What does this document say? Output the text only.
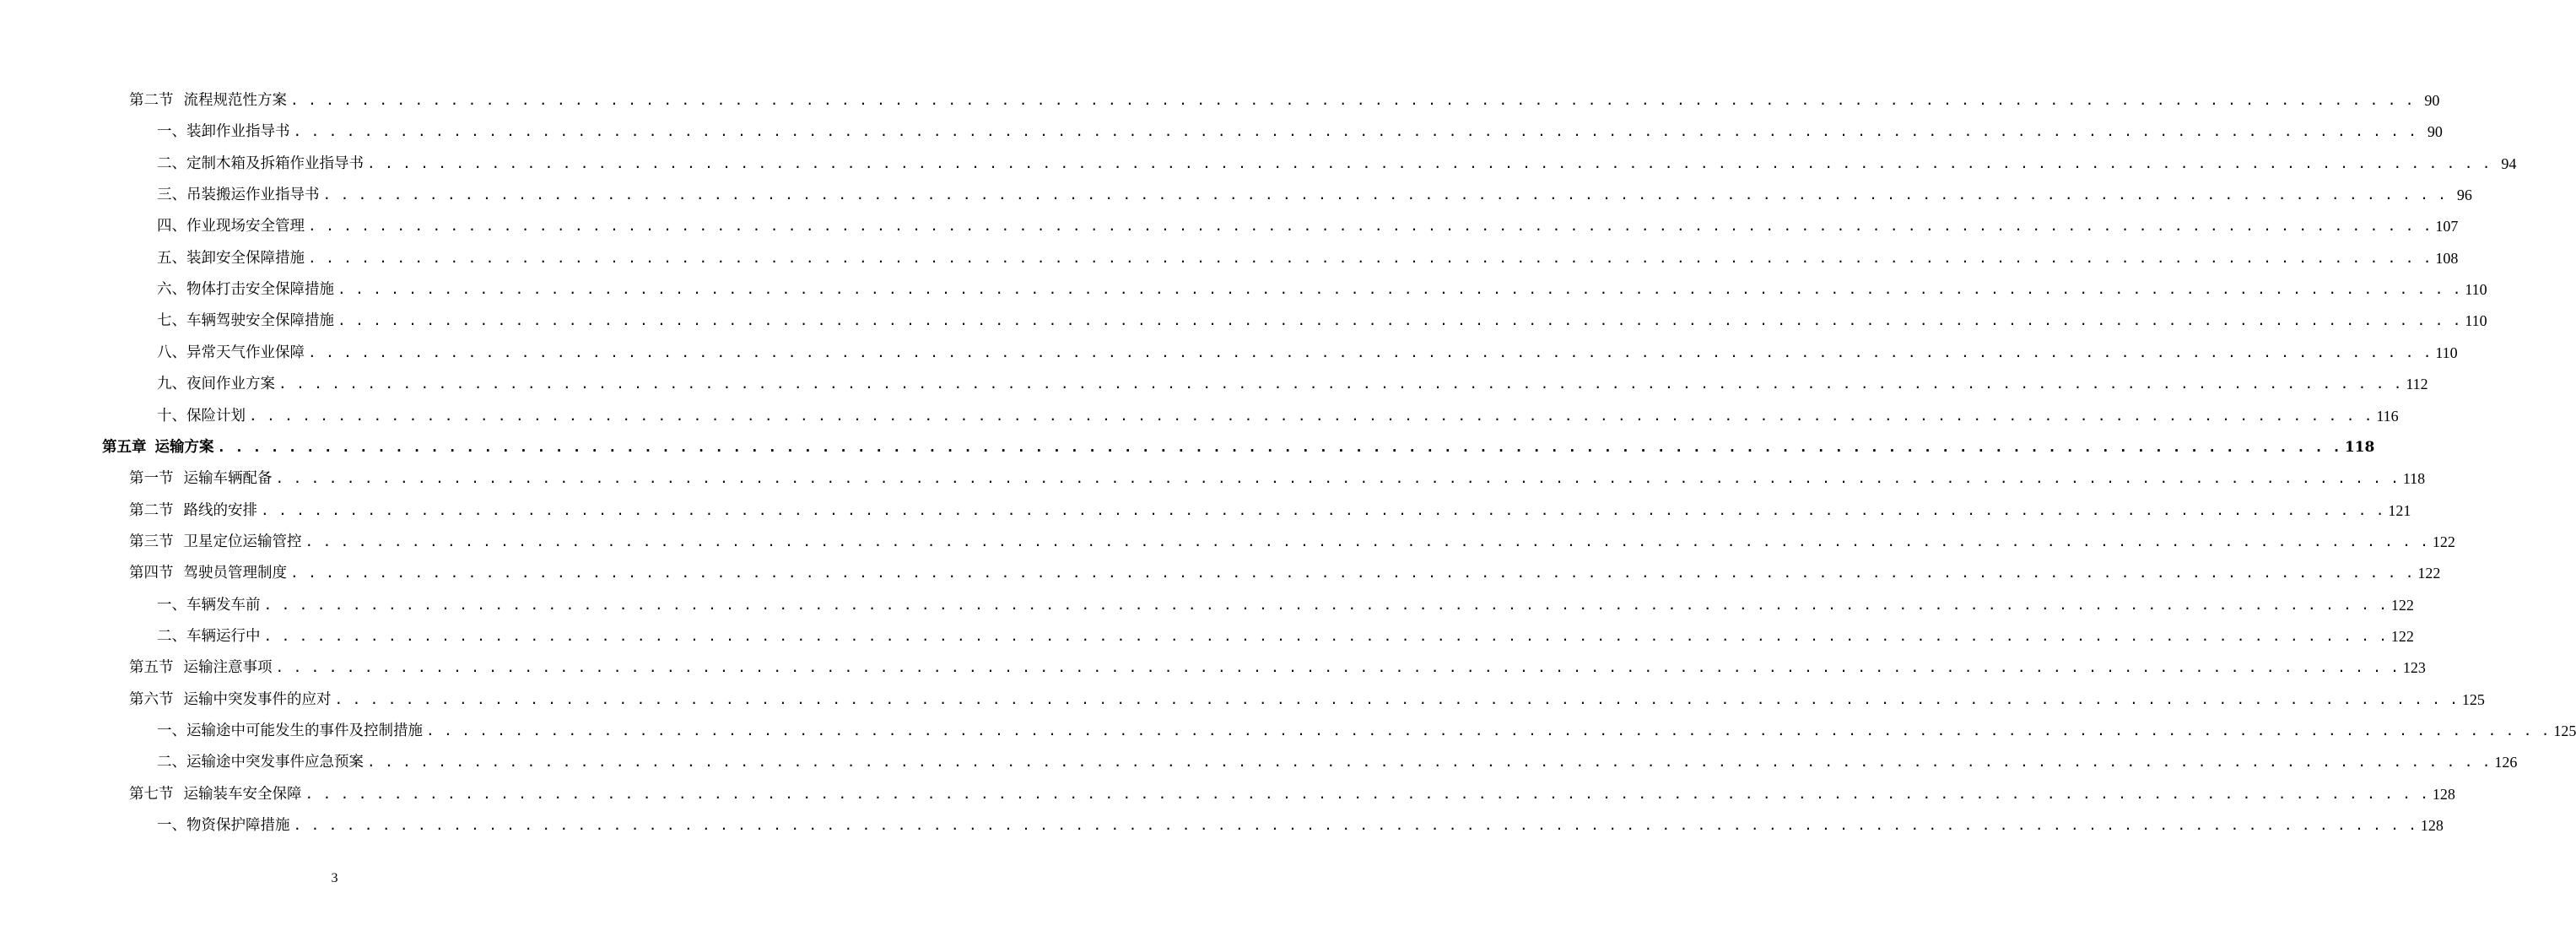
第二节 流程规范性方案 . . . . . . . . . . . . . . . . . . . . . . . . . . . . . . . . . . . . . . . . . . . . . . . . . . . . . . . . . . . . . . . . . . . . . . . . . . . . . . . . . . . . . . . . . . . . . . . . . . . . . . . . . . . . . . . . . . . . . . . . 90
一、装卸作业指导书 . . . . . . . . . . . . . . . . . . . . . . . . . . . . . . . . . . . . . . . . . . . . . . . . . . . . . . . . . . . . . . . . . . . . . . . . . . . . . . . . . . . . . . . . . . . . . . . . . . . . . . . . . . . . . . . . . . . . . . . . 90
二、定制木箱及拆箱作业指导书 . . . . . . . . . . . . . . . . . . . . . . . . . . . . . . . . . . . . . . . . . . . . . . . . . . . . . . . . . . . . . . . . . . . . . . . . . . . . . . . . . . . . . . . . . . . . . . . . . . . . . . . . . . . . . . . . . . . . . . . . 94
三、吊装搬运作业指导书 . . . . . . . . . . . . . . . . . . . . . . . . . . . . . . . . . . . . . . . . . . . . . . . . . . . . . . . . . . . . . . . . . . . . . . . . . . . . . . . . . . . . . . . . . . . . . . . . . . . . . . . . . . . . . . . . . . . . . . . . 96
四、作业现场安全管理 . . . . . . . . . . . . . . . . . . . . . . . . . . . . . . . . . . . . . . . . . . . . . . . . . . . . . . . . . . . . . . . . . . . . . . . . . . . . . . . . . . . . . . . . . . . . . . . . . . . . . . . . . . . . . . . . . . . . . . . . 107
五、装卸安全保障措施 . . . . . . . . . . . . . . . . . . . . . . . . . . . . . . . . . . . . . . . . . . . . . . . . . . . . . . . . . . . . . . . . . . . . . . . . . . . . . . . . . . . . . . . . . . . . . . . . . . . . . . . . . . . . . . . . . . . . . . . . 108
六、物体打击安全保障措施 . . . . . . . . . . . . . . . . . . . . . . . . . . . . . . . . . . . . . . . . . . . . . . . . . . . . . . . . . . . . . . . . . . . . . . . . . . . . . . . . . . . . . . . . . . . . . . . . . . . . . . . . . . . . . . . . . . . . . . . . 110
七、车辆驾驶安全保障措施 . . . . . . . . . . . . . . . . . . . . . . . . . . . . . . . . . . . . . . . . . . . . . . . . . . . . . . . . . . . . . . . . . . . . . . . . . . . . . . . . . . . . . . . . . . . . . . . . . . . . . . . . . . . . . . . . . . . . . . . . 110
八、异常天气作业保障 . . . . . . . . . . . . . . . . . . . . . . . . . . . . . . . . . . . . . . . . . . . . . . . . . . . . . . . . . . . . . . . . . . . . . . . . . . . . . . . . . . . . . . . . . . . . . . . . . . . . . . . . . . . . . . . . . . . . . . . . 110
九、夜间作业方案 . . . . . . . . . . . . . . . . . . . . . . . . . . . . . . . . . . . . . . . . . . . . . . . . . . . . . . . . . . . . . . . . . . . . . . . . . . . . . . . . . . . . . . . . . . . . . . . . . . . . . . . . . . . . . . . . . . . . . . . . 112
十、保险计划 . . . . . . . . . . . . . . . . . . . . . . . . . . . . . . . . . . . . . . . . . . . . . . . . . . . . . . . . . . . . . . . . . . . . . . . . . . . . . . . . . . . . . . . . . . . . . . . . . . . . . . . . . . . . . . . . . . . . . . . . 116
第五章 运输方案 . . . . . . . . . . . . . . . . . . . . . . . . . . . . . . . . . . . . . . . . . . . . . . . . . . . . . . . . . . . . . . . . . . . . . . . . . . . . . . . . . . . . . . . . . . . . . . . . . . . . . . . . . . . . . . . . . . . . . . . . 118
第一节 运输车辆配备 . . . . . . . . . . . . . . . . . . . . . . . . . . . . . . . . . . . . . . . . . . . . . . . . . . . . . . . . . . . . . . . . . . . . . . . . . . . . . . . . . . . . . . . . . . . . . . . . . . . . . . . . . . . . . . . . . . . . . . . . 118
第二节 路线的安排 . . . . . . . . . . . . . . . . . . . . . . . . . . . . . . . . . . . . . . . . . . . . . . . . . . . . . . . . . . . . . . . . . . . . . . . . . . . . . . . . . . . . . . . . . . . . . . . . . . . . . . . . . . . . . . . . . . . . . . . . 121
第三节 卫星定位运输管控 . . . . . . . . . . . . . . . . . . . . . . . . . . . . . . . . . . . . . . . . . . . . . . . . . . . . . . . . . . . . . . . . . . . . . . . . . . . . . . . . . . . . . . . . . . . . . . . . . . . . . . . . . . . . . . . . . . . . . . . . 122
第四节 驾驶员管理制度 . . . . . . . . . . . . . . . . . . . . . . . . . . . . . . . . . . . . . . . . . . . . . . . . . . . . . . . . . . . . . . . . . . . . . . . . . . . . . . . . . . . . . . . . . . . . . . . . . . . . . . . . . . . . . . . . . . . . . . . . 122
一、车辆发车前 . . . . . . . . . . . . . . . . . . . . . . . . . . . . . . . . . . . . . . . . . . . . . . . . . . . . . . . . . . . . . . . . . . . . . . . . . . . . . . . . . . . . . . . . . . . . . . . . . . . . . . . . . . . . . . . . . . . . . . . . 122
二、车辆运行中 . . . . . . . . . . . . . . . . . . . . . . . . . . . . . . . . . . . . . . . . . . . . . . . . . . . . . . . . . . . . . . . . . . . . . . . . . . . . . . . . . . . . . . . . . . . . . . . . . . . . . . . . . . . . . . . . . . . . . . . . 122
第五节 运输注意事项 . . . . . . . . . . . . . . . . . . . . . . . . . . . . . . . . . . . . . . . . . . . . . . . . . . . . . . . . . . . . . . . . . . . . . . . . . . . . . . . . . . . . . . . . . . . . . . . . . . . . . . . . . . . . . . . . . . . . . . . . 123
第六节 运输中突发事件的应对 . . . . . . . . . . . . . . . . . . . . . . . . . . . . . . . . . . . . . . . . . . . . . . . . . . . . . . . . . . . . . . . . . . . . . . . . . . . . . . . . . . . . . . . . . . . . . . . . . . . . . . . . . . . . . . . . . . . . . . . . 125
一、运输途中可能发生的事件及控制措施 . . . . . . . . . . . . . . . . . . . . . . . . . . . . . . . . . . . . . . . . . . . . . . . . . . . . . . . . . . . . . . . . . . . . . . . . . . . . . . . . . . . . . . . . . . . . . . . . . . . . . . . . . . . . . . . . . . . . . . . . 125
二、运输途中突发事件应急预案 . . . . . . . . . . . . . . . . . . . . . . . . . . . . . . . . . . . . . . . . . . . . . . . . . . . . . . . . . . . . . . . . . . . . . . . . . . . . . . . . . . . . . . . . . . . . . . . . . . . . . . . . . . . . . . . . . . . . . . . . 126
第七节 运输装车安全保障 . . . . . . . . . . . . . . . . . . . . . . . . . . . . . . . . . . . . . . . . . . . . . . . . . . . . . . . . . . . . . . . . . . . . . . . . . . . . . . . . . . . . . . . . . . . . . . . . . . . . . . . . . . . . . . . . . . . . . . . . 128
一、物资保护障措施 . . . . . . . . . . . . . . . . . . . . . . . . . . . . . . . . . . . . . . . . . . . . . . . . . . . . . . . . . . . . . . . . . . . . . . . . . . . . . . . . . . . . . . . . . . . . . . . . . . . . . . . . . . . . . . . . . . . . . . . . 128
3
